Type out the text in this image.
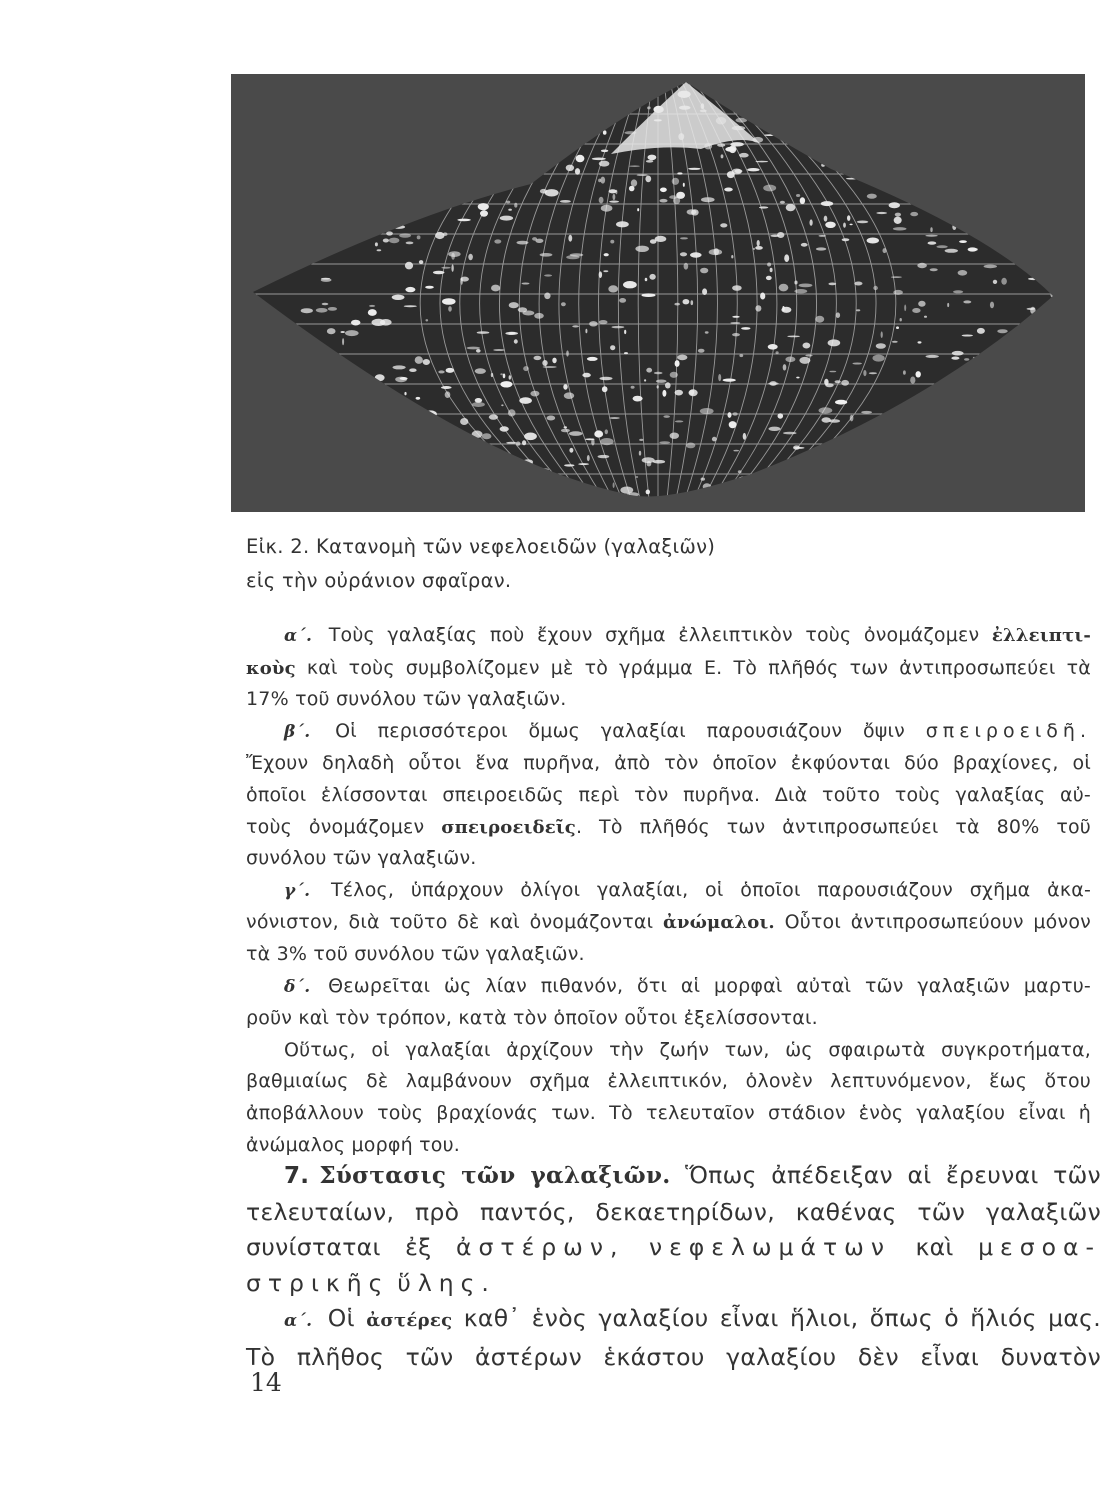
Εἰκ. 2. Κατανομὴ τῶν νεφελοειδῶν (γαλαξιῶν)
εἰς τὴν οὐράνιον σφαῖραν.
α΄. Τοὺς γαλαξίας ποὺ ἔχουν σχῆμα ἐλλειπτικὸν τοὺς ὀνομάζομεν ἐλλειπτι-
κοὺς καὶ τοὺς συμβολίζομεν μὲ τὸ γράμμα Ε. Τὸ πλῆθός των ἀντιπροσωπεύει τὰ
17% τοῦ συνόλου τῶν γαλαξιῶν.
β΄. Οἱ περισσότεροι ὅμως γαλαξίαι παρουσιάζουν ὄψιν σπειροειδῆ.
Ἔχουν δηλαδὴ οὗτοι ἕνα πυρῆνα, ἀπὸ τὸν ὁποῖον ἐκφύονται δύο βραχίονες, οἱ
ὁποῖοι ἑλίσσονται σπειροειδῶς περὶ τὸν πυρῆνα. Διὰ τοῦτο τοὺς γαλαξίας αὐ-
τοὺς ὀνομάζομεν σπειροειδεῖς. Τὸ πλῆθός των ἀντιπροσωπεύει τὰ 80% τοῦ
συνόλου τῶν γαλαξιῶν.
γ΄. Τέλος, ὑπάρχουν ὀλίγοι γαλαξίαι, οἱ ὁποῖοι παρουσιάζουν σχῆμα ἀκα-
νόνιστον, διὰ τοῦτο δὲ καὶ ὀνομάζονται ἀνώμαλοι. Οὗτοι ἀντιπροσωπεύουν μόνον
τὰ 3% τοῦ συνόλου τῶν γαλαξιῶν.
δ΄. Θεωρεῖται ὡς λίαν πιθανόν, ὅτι αἱ μορφαὶ αὐταὶ τῶν γαλαξιῶν μαρτυ-
ροῦν καὶ τὸν τρόπον, κατὰ τὸν ὁποῖον οὗτοι ἐξελίσσονται.
Οὕτως, οἱ γαλαξίαι ἀρχίζουν τὴν ζωήν των, ὡς σφαιρωτὰ συγκροτήματα,
βαθμιαίως δὲ λαμβάνουν σχῆμα ἐλλειπτικόν, ὁλονὲν λεπτυνόμενον, ἕως ὅτου
ἀποβάλλουν τοὺς βραχίονάς των. Τὸ τελευταῖον στάδιον ἑνὸς γαλαξίου εἶναι ἡ
ἀνώμαλος μορφή του.
7. Σύστασις τῶν γαλαξιῶν. Ὅπως ἀπέδειξαν αἱ ἔρευναι τῶν
τελευταίων, πρὸ παντός, δεκαετηρίδων, καθένας τῶν γαλαξιῶν
συνίσταται ἐξ ἀστέρων, νεφελωμάτων καὶ μεσοα-
στρικῆς ὕλης.
α΄. Οἱ ἀστέρες καθ᾽ ἑνὸς γαλαξίου εἶναι ἥλιοι, ὅπως ὁ ἥλιός μας.
Τὸ πλῆθος τῶν ἀστέρων ἑκάστου γαλαξίου δὲν εἶναι δυνατὸν
14
